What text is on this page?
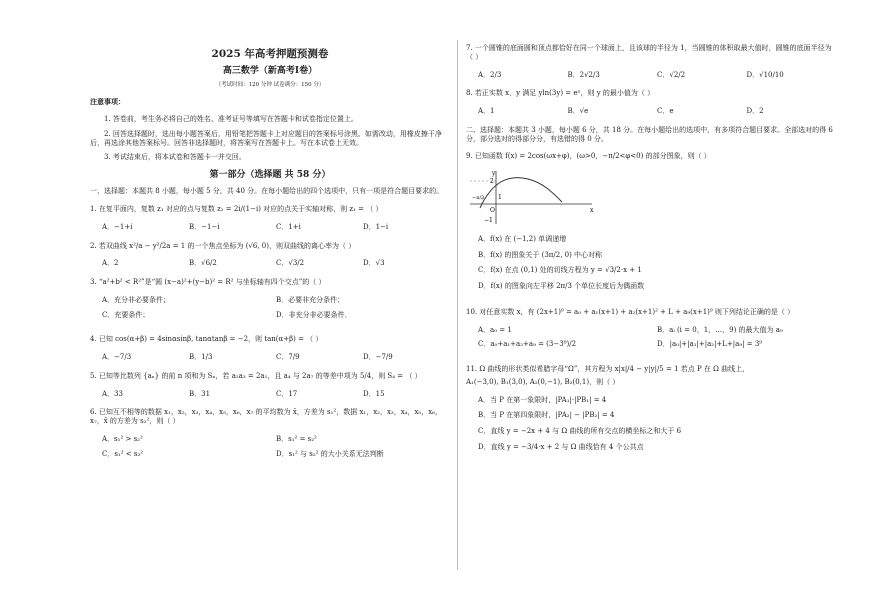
2025 年高考押题预测卷
高三数学（新高考Ⅰ卷）
（考试时间：120 分钟 试卷满分：150 分）
注意事项：
1. 答卷前，考生务必将自己的姓名、准考证号等填写在答题卡和试卷指定位置上。
2. 回答选择题时，选出每小题答案后，用铅笔把答题卡上对应题目的答案标号涂黑。如需改动，用橡皮擦干净后，再选涂其他答案标号。回答非选择题时，将答案写在答题卡上。写在本试卷上无效。
3. 考试结束后，将本试卷和答题卡一并交回。
第一部分（选择题 共 58 分）
一、选择题：本题共 8 小题，每小题 5 分，共 40 分。在每小题给出的四个选项中，只有一项是符合题目要求的。
1. 在复平面内，复数 z₁ 对应的点与复数 z₂ = 2i/(1−i) 对应的点关于实轴对称，则 z₁ = （ ）
A．−1+i	B．−1−i	C．1+i	D．1−i
2. 若双曲线 x²/a − y²/2a = 1 的一个焦点坐标为 (√6, 0)，则双曲线的离心率为（ ）
A．2	B．√6/2	C．√3/2	D．√3
3. “a²+b² < R²”是“圆 (x−a)²+(y−b)² = R² 与坐标轴有四个交点”的（ ）
A．充分非必要条件；	B．必要非充分条件；
C．充要条件；	D．非充分非必要条件．
4. 已知 cos(α+β) = 4sinαsinβ, tanαtanβ = −2，则 tan(α+β) = （ ）
A．−7/3	B．1/3	C．7/9	D．−7/9
5. 已知等比数列 {aₙ} 的前 n 项和为 Sₙ，若 a₂a₃ = 2a₁，且 a₄ 与 2a₇ 的等差中项为 5/4，则 S₄ = （ ）
A．33	B．31	C．17	D．15
6. 已知互不相等的数据 x₁，x₂，x₃，x₄，x₅，x₆，x₇ 的平均数为 x̄，方差为 s₁²，数据 x₁，x₂，x₃，x₄，x₅，x₆，x₇，x̄ 的方差为 s₂²，则（ ）
A．s₁² > s₂²	B．s₁² = s₂²
C．s₁² < s₂²	D．s₁² 与 s₂² 的大小关系无法判断
7. 一个圆锥的底面圆和顶点都恰好在同一个球面上，且该球的半径为 1，当圆锥的体积取最大值时，圆锥的底面半径为（ ）
A．2/3	B．2√2/3	C．√2/2	D．√10/10
8. 若正实数 x，y 满足 yln(3y) = eˣ，则 y 的最小值为（ ）
A．1	B．√e	C．e	D．2
二、选择题：本题共 3 小题，每小题 6 分，共 18 分。在每小题给出的选项中，有多项符合题目要求。全部选对的得 6 分，部分选对的得部分分，有选错的得 0 分。
9. 已知函数 f(x) = 2cos(ωx+φ)，(ω>0，−π/2<φ<0) 的部分图象，则（ ）
y
2
x
O
−1
1
−π/3
A．f(x) 在 (−1,2) 单调递增
B．f(x) 的图象关于 (3π/2, 0) 中心对称
C．f(x) 在点 (0,1) 处的切线方程为 y = √3/2·x + 1
D．f(x) 的图象向左平移 2π/3 个单位长度后为偶函数
10. 对任意实数 x，有 (2x+1)⁹ = a₀ + a₁(x+1) + a₂(x+1)² + L + a₉(x+1)⁹ 则下列结论正确的是（ ）
A．a₀ = 1	B．aᵢ (i = 0，1，…，9) 的最大值为 a₉
C．a₀+a₁+a₂+a₉ = (3−3⁹)/2	D．|a₀|+|a₁|+|a₂|+L+|a₉| = 3⁹
11. Ω 曲线的形状类似希腊字母“Ω”，其方程为 x|x|/4 − y|y|/5 = 1 若点 P 在 Ω 曲线上，
A₁(−3,0), B₁(3,0), A₂(0,−1), B₂(0,1)，则（ ）
A．当 P 在第一象限时，|PA₁|·|PB₁| = 4
B．当 P 在第四象限时，|PA₂| − |PB₂| = 4
C．直线 y = −2x + 4 与 Ω 曲线的所有交点的横坐标之和大于 6
D．直线 y = −3/4·x + 2 与 Ω 曲线恰有 4 个公共点
